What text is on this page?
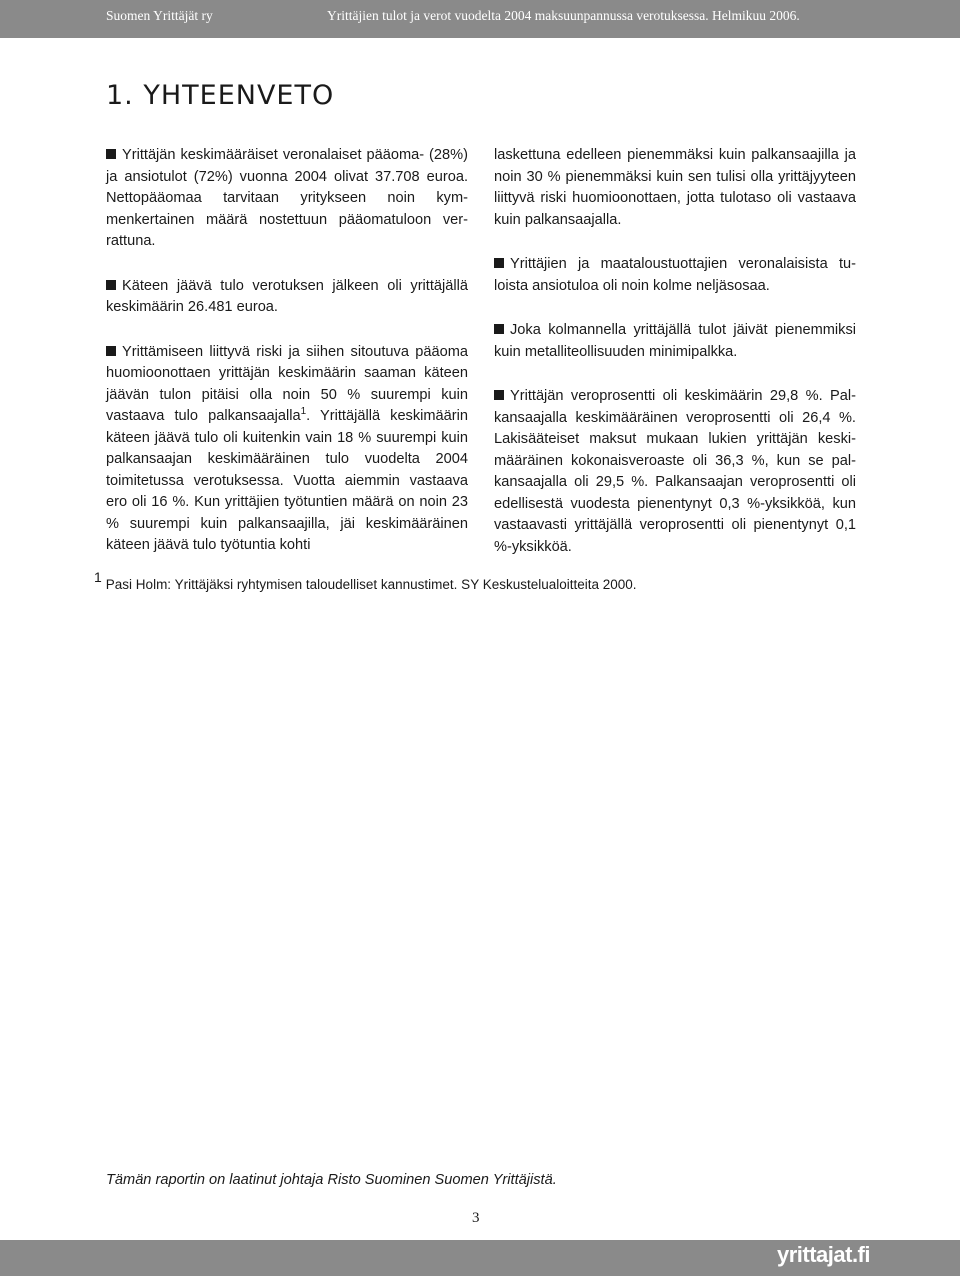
Suomen Yrittäjät ry	Yrittäjien tulot ja verot vuodelta 2004 maksuunpannussa verotuksessa. Helmikuu 2006.
1. YHTEENVETO

Yrittäjän keskimääräiset veronalaiset pääoma- (28%) ja ansiotulot (72%) vuonna 2004 olivat 37.708 euroa. Nettopääomaa tarvitaan yritykseen noin kymmenkertainen määrä nostettuun pääomatuloon verrattuna.

Käteen jäävä tulo verotuksen jälkeen oli yrittäjällä keskimäärin 26.481 euroa.

Yrittämiseen liittyvä riski ja siihen sitoutuva pääoma huomioonottaen yrittäjän keskimäärin saaman käteen jäävän tulon pitäisi olla noin 50 % suurempi kuin vastaava tulo palkansaajalla$^1$. Yrittäjällä keskimäärin käteen jäävä tulo oli kuitenkin vain 18 % suurempi kuin palkansaajan keskimääräinen tulo vuodelta 2004 toimitetussa verotuksessa. Vuotta aiemmin vastaava ero oli 16 %. Kun yrittäjien työtuntien määrä on noin 23 % suurempi kuin palkansaajilla, jäi keskimääräinen käteen jäävä tulo työtuntia kohti

laskettuna edelleen pienemmäksi kuin palkansaajilla ja noin 30 % pienemmäksi kuin sen tulisi olla yrittäjyyteen liittyvä riski huomioonottaen, jotta tulotaso oli vastaava kuin palkansaajalla.

Yrittäjien ja maataloustuottajien veronalaisista tuloista ansiotuloa oli noin kolme neljäsosaa.

Joka kolmannella yrittäjällä tulot jäivät pienemmiksi kuin metalliteollisuuden minimipalkka.

Yrittäjän veroprosentti oli keskimäärin 29,8 %. Palkansaajalla keskimääräinen veroprosentti oli 26,4 %. Lakisääteiset maksut mukaan lukien yrittäjän keskimääräinen kokonaisveroaste oli 36,3 %, kun se palkansaajalla oli 29,5 %. Palkansaajan veroprosentti oli edellisestä vuodesta pienentynyt 0,3 %-yksikköä, kun vastaavasti yrittäjällä veroprosentti oli pienentynyt 0,1 %-yksikköä.

1 Pasi Holm: Yrittäjäksi ryhtymisen taloudelliset kannustimet. SY Keskustelualoitteita 2000.
Tämän raportin on laatinut johtaja Risto Suominen Suomen Yrittäjistä.
3
yrittajat.fi
